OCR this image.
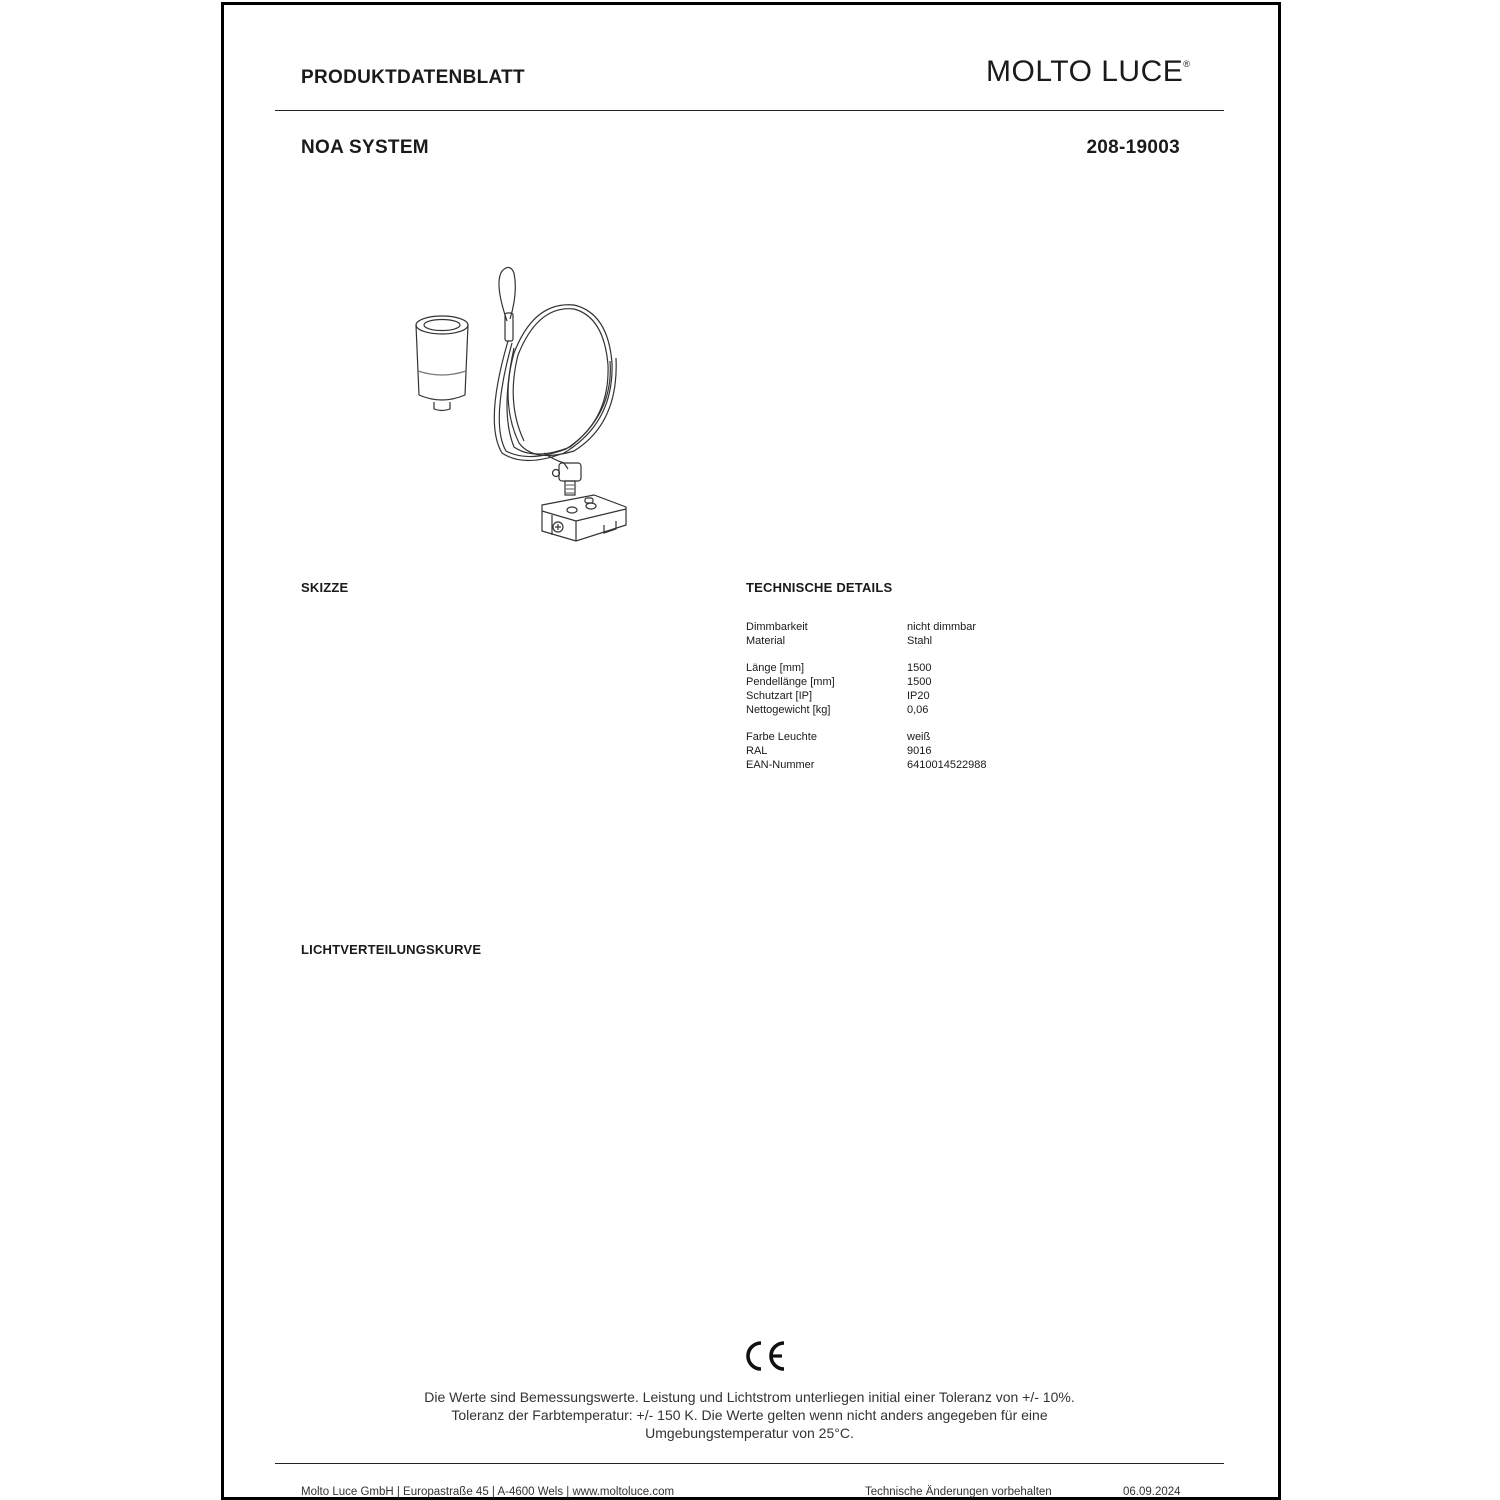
PRODUKTDATENBLATT	MOLTO LUCE®
NOA SYSTEM	208-19003
SKIZZE	TECHNISCHE DETAILS
Dimmbarkeit	nicht dimmbar
Material	Stahl
Länge [mm]	1500
Pendellänge [mm]	1500
Schutzart [IP]	IP20
Nettogewicht [kg]	0,06
Farbe Leuchte	weiß
RAL	9016
EAN-Nummer	6410014522988
LICHTVERTEILUNGSKURVE
CE
Die Werte sind Bemessungswerte. Leistung und Lichtstrom unterliegen initial einer Toleranz von +/- 10%.
Toleranz der Farbtemperatur: +/- 150 K. Die Werte gelten wenn nicht anders angegeben für eine
Umgebungstemperatur von 25°C.
Molto Luce GmbH | Europastraße 45 | A-4600 Wels | www.moltoluce.com	Technische Änderungen vorbehalten	06.09.2024
